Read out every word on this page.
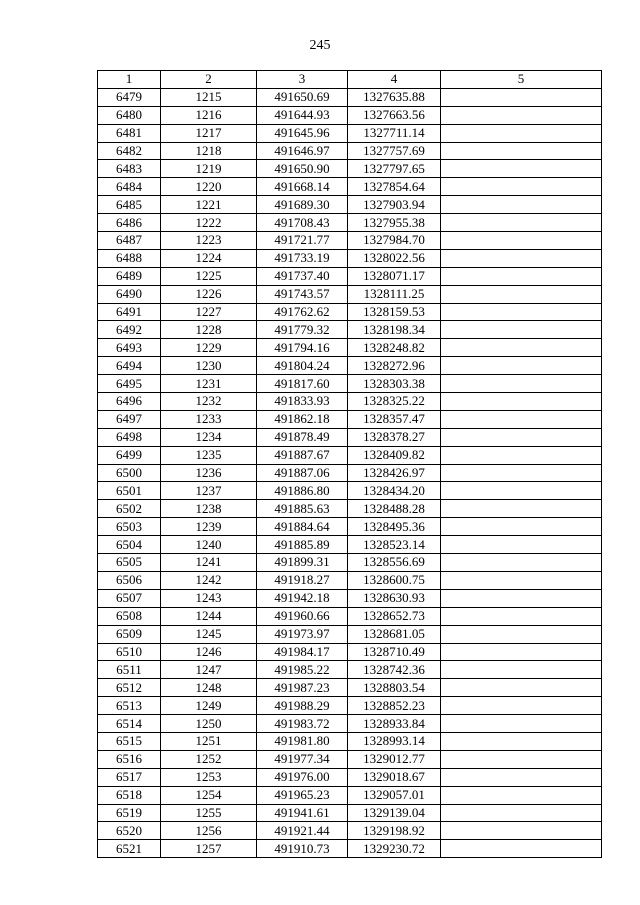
245
1	2	3	4	5
6479	1215	491650.69	1327635.88	
6480	1216	491644.93	1327663.56	
6481	1217	491645.96	1327711.14	
6482	1218	491646.97	1327757.69	
6483	1219	491650.90	1327797.65	
6484	1220	491668.14	1327854.64	
6485	1221	491689.30	1327903.94	
6486	1222	491708.43	1327955.38	
6487	1223	491721.77	1327984.70	
6488	1224	491733.19	1328022.56	
6489	1225	491737.40	1328071.17	
6490	1226	491743.57	1328111.25	
6491	1227	491762.62	1328159.53	
6492	1228	491779.32	1328198.34	
6493	1229	491794.16	1328248.82	
6494	1230	491804.24	1328272.96	
6495	1231	491817.60	1328303.38	
6496	1232	491833.93	1328325.22	
6497	1233	491862.18	1328357.47	
6498	1234	491878.49	1328378.27	
6499	1235	491887.67	1328409.82	
6500	1236	491887.06	1328426.97	
6501	1237	491886.80	1328434.20	
6502	1238	491885.63	1328488.28	
6503	1239	491884.64	1328495.36	
6504	1240	491885.89	1328523.14	
6505	1241	491899.31	1328556.69	
6506	1242	491918.27	1328600.75	
6507	1243	491942.18	1328630.93	
6508	1244	491960.66	1328652.73	
6509	1245	491973.97	1328681.05	
6510	1246	491984.17	1328710.49	
6511	1247	491985.22	1328742.36	
6512	1248	491987.23	1328803.54	
6513	1249	491988.29	1328852.23	
6514	1250	491983.72	1328933.84	
6515	1251	491981.80	1328993.14	
6516	1252	491977.34	1329012.77	
6517	1253	491976.00	1329018.67	
6518	1254	491965.23	1329057.01	
6519	1255	491941.61	1329139.04	
6520	1256	491921.44	1329198.92	
6521	1257	491910.73	1329230.72	
